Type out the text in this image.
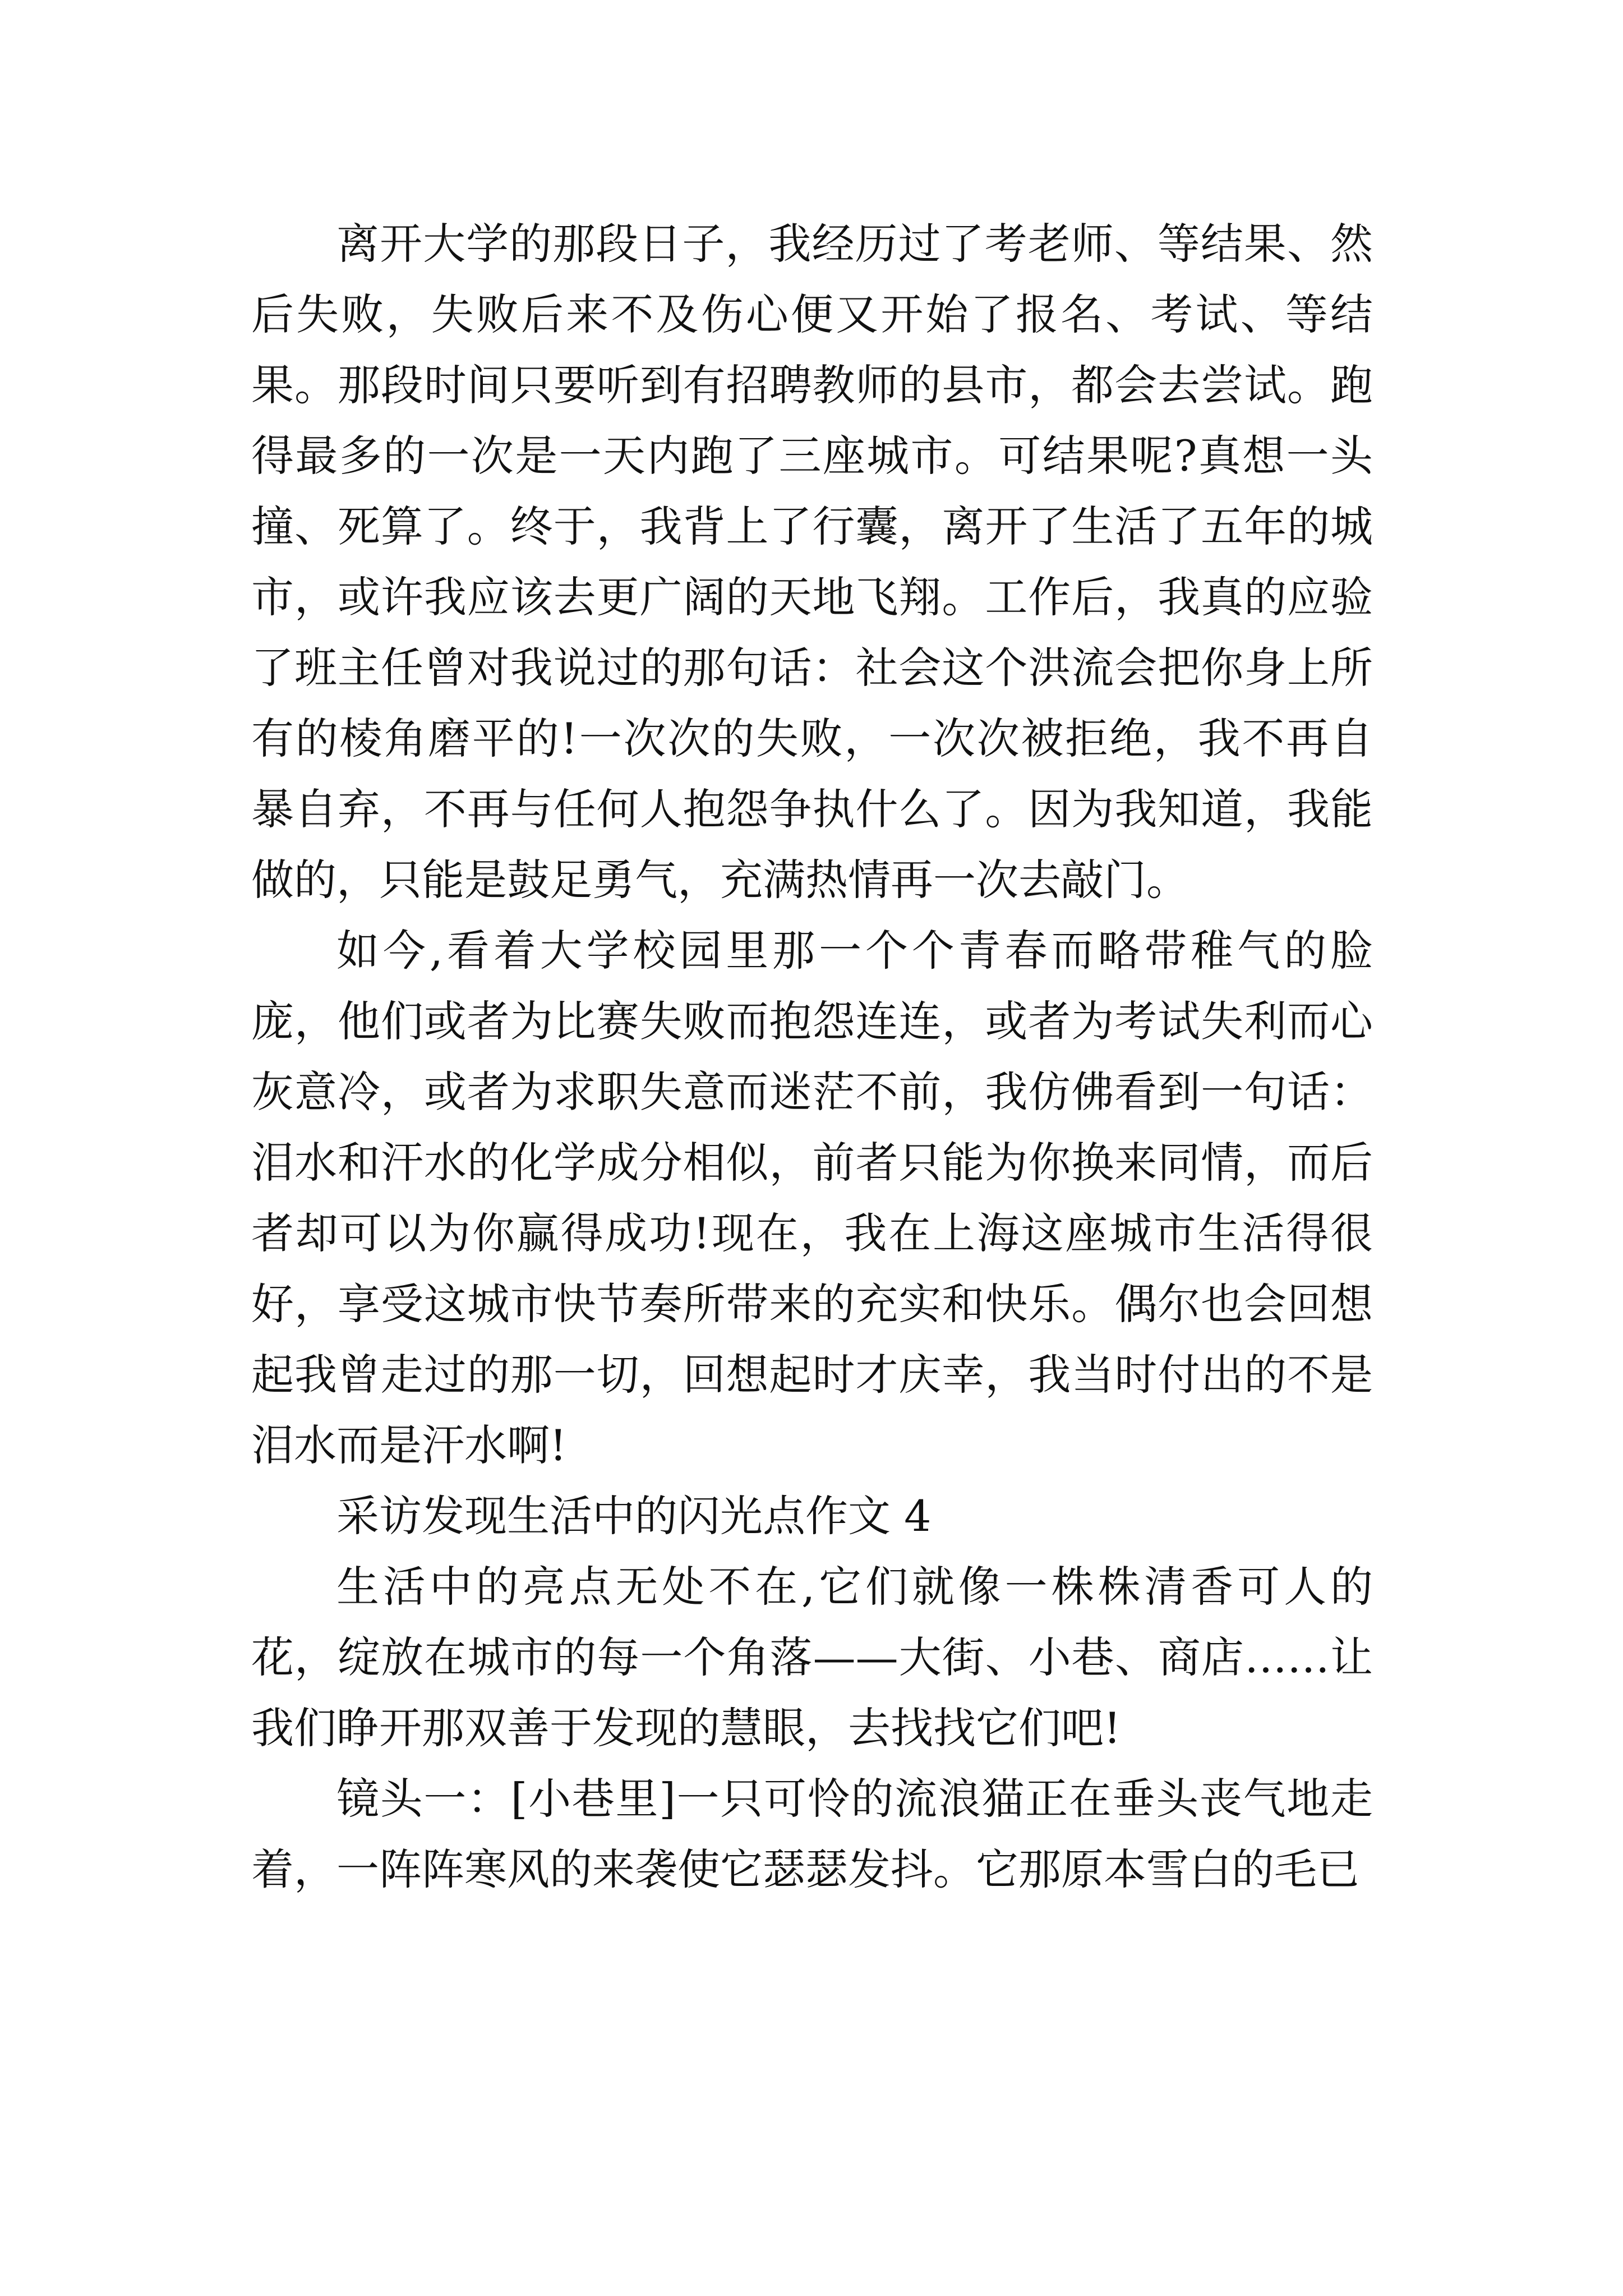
离开大学的那段日子，我经历过了考老师、等结果、然后失败，失败后来不及伤心便又开始了报名、考试、等结果。那段时间只要听到有招聘教师的县市，都会去尝试。跑得最多的一次是一天内跑了三座城市。可结果呢?真想一头撞、死算了。终于，我背上了行囊，离开了生活了五年的城市，或许我应该去更广阔的天地飞翔。工作后，我真的应验了班主任曾对我说过的那句话：社会这个洪流会把你身上所有的棱角磨平的!一次次的失败，一次次被拒绝，我不再自暴自弃，不再与任何人抱怨争执什么了。因为我知道，我能做的，只能是鼓足勇气，充满热情再一次去敲门。

如今,看着大学校园里那一个个青春而略带稚气的脸庞，他们或者为比赛失败而抱怨连连，或者为考试失利而心灰意冷，或者为求职失意而迷茫不前，我仿佛看到一句话：泪水和汗水的化学成分相似，前者只能为你换来同情，而后者却可以为你赢得成功!现在，我在上海这座城市生活得很好，享受这城市快节奏所带来的充实和快乐。偶尔也会回想起我曾走过的那一切，回想起时才庆幸，我当时付出的不是泪水而是汗水啊!

采访发现生活中的闪光点作文 4

生活中的亮点无处不在,它们就像一株株清香可人的花，绽放在城市的每一个角落——大街、小巷、商店……让我们睁开那双善于发现的慧眼，去找找它们吧!

镜头一：[小巷里]一只可怜的流浪猫正在垂头丧气地走着，一阵阵寒风的来袭使它瑟瑟发抖。它那原本雪白的毛已
